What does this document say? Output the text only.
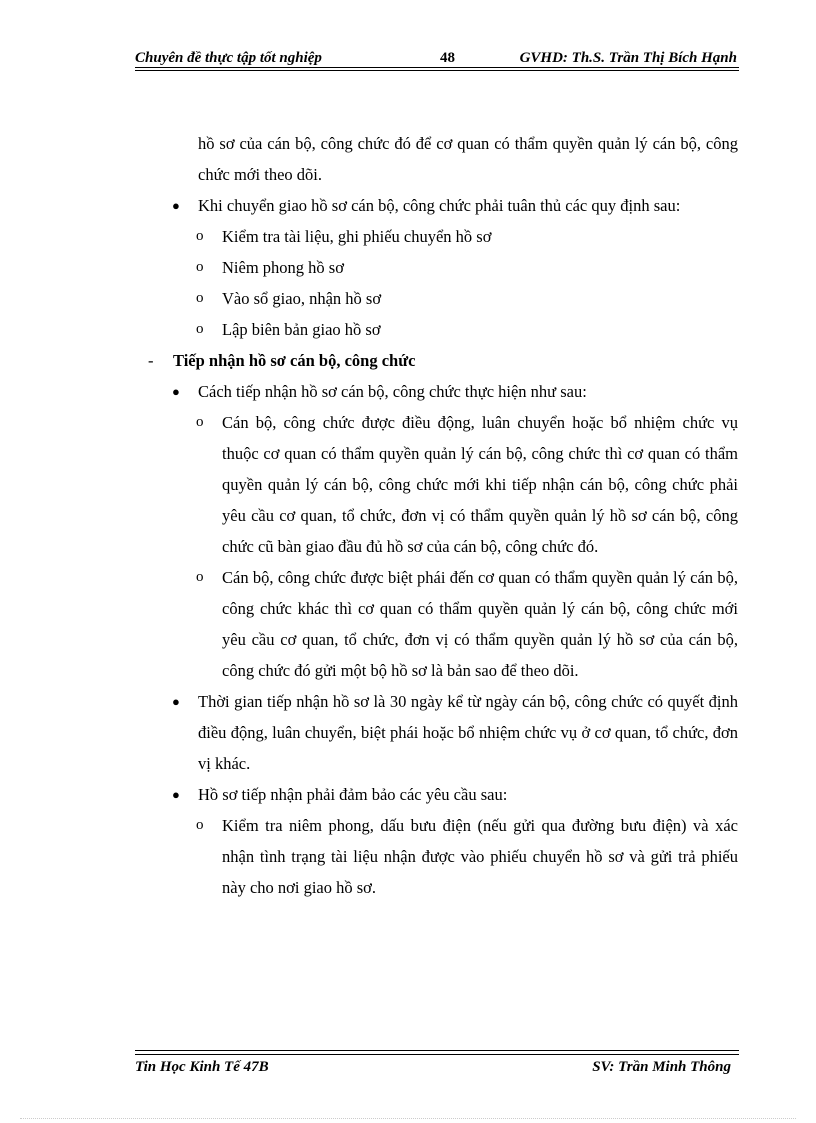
Chuyên đề thực tập tốt nghiệp	48	GVHD: Th.S. Trần Thị Bích Hạnh

hồ sơ của cán bộ, công chức đó để cơ quan có thẩm quyền quản lý cán bộ, công chức mới theo dõi.

● Khi chuyển giao hồ sơ cán bộ, công chức phải tuân thủ các quy định sau:
o Kiểm tra tài liệu, ghi phiếu chuyển hồ sơ
o Niêm phong hồ sơ
o Vào sổ giao, nhận hồ sơ
o Lập biên bản giao hồ sơ
- Tiếp nhận hồ sơ cán bộ, công chức
● Cách tiếp nhận hồ sơ cán bộ, công chức thực hiện như sau:
o Cán bộ, công chức được điều động, luân chuyển hoặc bổ nhiệm chức vụ thuộc cơ quan có thẩm quyền quản lý cán bộ, công chức thì cơ quan có thẩm quyền quản lý cán bộ, công chức mới khi tiếp nhận cán bộ, công chức phải yêu cầu cơ quan, tổ chức, đơn vị có thẩm quyền quản lý hồ sơ cán bộ, công chức cũ bàn giao đầu đủ hồ sơ của cán bộ, công chức đó.
o Cán bộ, công chức được biệt phái đến cơ quan có thẩm quyền quản lý cán bộ, công chức khác thì cơ quan có thẩm quyền quản lý cán bộ, công chức mới yêu cầu cơ quan, tổ chức, đơn vị có thẩm quyền quản lý hồ sơ của cán bộ, công chức đó gửi một bộ hồ sơ là bản sao để theo dõi.
● Thời gian tiếp nhận hồ sơ là 30 ngày kể từ ngày cán bộ, công chức có quyết định điều động, luân chuyển, biệt phái hoặc bổ nhiệm chức vụ ở cơ quan, tổ chức, đơn vị khác.
● Hồ sơ tiếp nhận phải đảm bảo các yêu cầu sau:
o Kiểm tra niêm phong, dấu bưu điện (nếu gửi qua đường bưu điện) và xác nhận tình trạng tài liệu nhận được vào phiếu chuyển hồ sơ và gửi trả phiếu này cho nơi giao hồ sơ.
Tin Học Kinh Tế 47B	SV: Trần Minh Thông
